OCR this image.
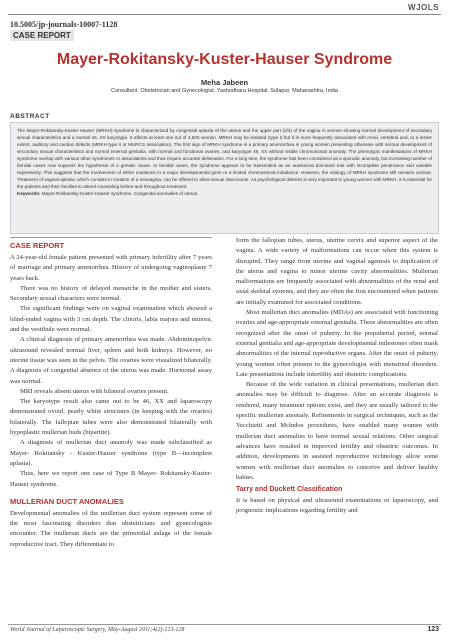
WJOLS
10.5005/jp-journals-10007-1128
CASE REPORT
Mayer-Rokitansky-Kuster-Hauser Syndrome
Meha Jabeen
Consultant, Obstetrician and Gynecologist, Yashodhara Hospital, Solapur, Maharashtra, India
ABSTRACT

The Mayer-Rokitansky-Kuster-Hauser (MRKH) syndrome is characterized by congenital aplasia of the uterus and the upper part (2/3) of the vagina in women showing normal development of secondary sexual characteristics and a normal 46, XX karyotype. It affects at least one out of 4,500 women. MRKH may be isolated (type I) but it is more frequently associated with renal, vertebral and, to a lesser extent, auditory and cardiac defects (MRKH type II or MURCS association). The first sign of MRKH syndrome is a primary amenorrhea in young women presenting otherwise with normal development of secondary sexual characteristics and normal external genitalia, with normal and functional ovaries, and karyotype 46, XX without visible chromosomal anomaly. The phenotypic manifestations of MRKH syndrome overlap with various other syndromes or associations and thus require accurate delineation. For a long time, the syndrome has been considered as a sporadic anomaly, but increasing number of familial cases now supports the hypothesis of a genetic cause. In familial cases, the syndrome appears to be transmitted as an autosomal dominant trait with incomplete penetrance and variable expressivity. This suggests that the involvement of either mutations in a major developmental gene or a limited chromosomal imbalance. However, the etiology of MRKH syndrome still remains unclear. Treatment of vaginal aplasia, which consists in creation of a neovagina, can be offered to allow sexual intercourse. As psychological distress is very important in young women with MRKH, it is essential for the patients and their families to attend counseling before and throughout treatment.

Keywords: Mayer-Rokitansky-Kuster-Hauser syndrome, Congenital anomalies of uterus.

CASE REPORT

A 24-year-old female patient presented with primary infertility after 7 years of marriage and primary amenorrhea. History of undergoing vaginoplasty 7 years back.

There was no history of delayed menarche in the mother and sisters. Secondary sexual characters were normal.

The significant findings were on vaginal examination which showed a blind-ended vagina with 3 cm depth. The clitoris, labia majora and minora, and the vestibule were normal.

A clinical diagnosis of primary amenorrhea was made. Abdominopelvic ultrasound revealed normal liver, spleen and both kidneys. However, no uterine tissue was seen in the pelvis. The ovaries were visualized bilaterally. A diagnosis of congenital absence of the uterus was made. Hormonal assay was normal.

MRI reveals absent uterus with bilateral ovaries present.

The karyotype result also came out to be 46, XX and laparoscopy demonstrated ovoid, pearly white structures (in keeping with the ovaries) bilaterally. The fallopian tubes were also demonstrated bilaterally with hypoplastic mullerian buds (bipartite).

A diagnosis of mullerian duct anamoly was made subclassified as Mayer- Rokitansky - Kuster-Hauser syndrome (type B—incomplete aplasia).

Thus, here we report one case of Type B Mayer- Rokitansky-Kuster-Hauser syndrome.

MULLERIAN DUCT ANOMALIES

Developmental anomalies of the mullerian duct system represent some of the most fascinating disorders that obstetricians and gynecologists encounter. The mullerian ducts are the primordial anlage of the female reproductive tract. They differentiate to

form the fallopian tubes, uterus, uterine cervix and superior aspect of the vagina. A wide variety of malformations can occur when this system is disrupted. They range from uterine and vaginal agenesis to duplication of the uterus and vagina to minor uterine cavity abnormalities. Mullerian malformations are frequently associated with abnormalities of the renal and axial skeletal systems, and they are often the first encountered when patients are initially examined for associated conditions.

Most mullerian duct anomalies (MDAs) are associated with functioning ovaries and age-appropriate external genitalia. These abnormalities are often recognized after the onset of puberty. In the prepubertal period, normal external genitalia and age-appropriate developmental milestones often mask abnormalities of the internal reproductive organs. After the onset of puberty, young women often present to the gynecologist with menstrual disorders. Late presentations include infertility and obstetric complications.

Because of the wide variation in clinical presentations, mullerian duct anomalies may be difficult to diagnose. After an accurate diagnosis is rendered, many treatment options exist, and they are usually tailored to the specific mullerian anomaly. Refinements in surgical techniques, such as the Vecchietti and Mclndoe procedures, have enabled many women with mullerian duct anomalies to have normal sexual relations. Other surgical advances have resulted in improved fertility and obstetric outcomes. In addition, developments in assisted reproductive technology allow some women with mullerian duct anomalies to conceive and deliver healthy babies.

Tarry and Duckett Classification

It is based on physical and ultrasound examinations or laparoscopy, and prognostic implications regarding fertility and

World Journal of Laparoscopic Surgery, May-August 2011;4(2):123-128	123
